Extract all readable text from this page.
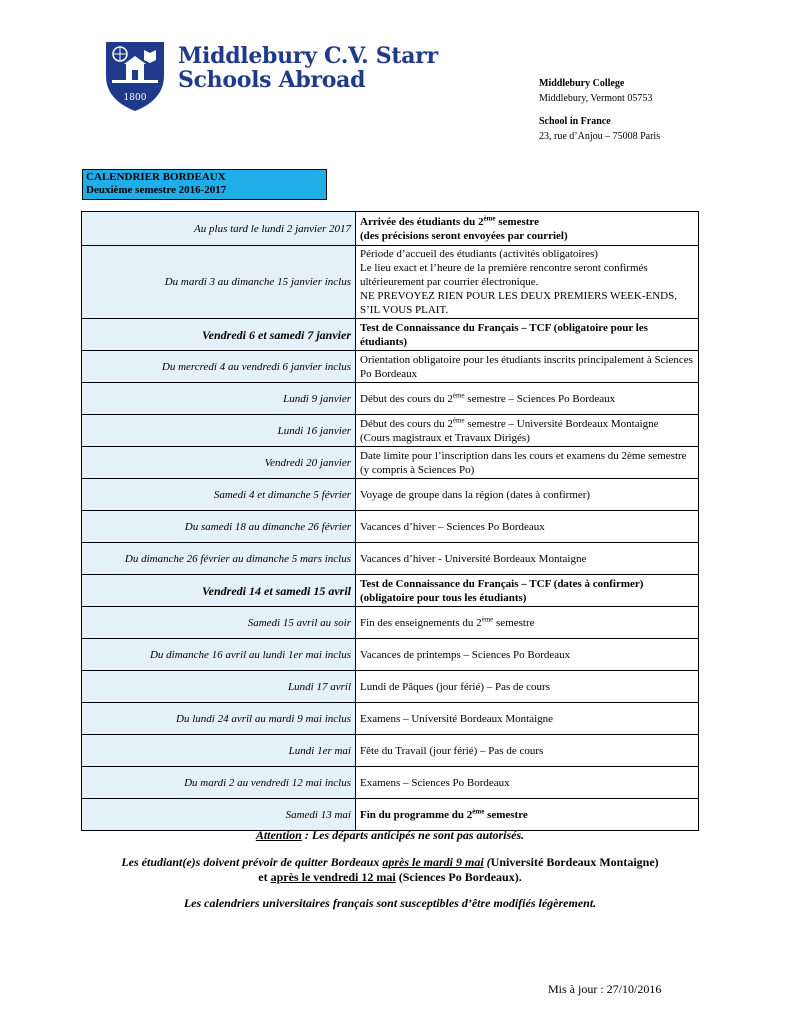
1800
Middlebury C.V. Starr
Schools Abroad	Middlebury College
Middlebury, Vermont 05753
School in France
23, rue d’Anjou – 75008 Paris
CALENDRIER BORDEAUX
Deuxième semestre 2016-2017
Au plus tard le lundi 2 janvier 2017	Arrivée des étudiants du 2ème semestre
(des précisions seront envoyées par courriel)
Du mardi 3 au dimanche 15 janvier inclus	Période d’accueil des étudiants (activités obligatoires)
Le lieu exact et l’heure de la première rencontre seront confirmés ultérieurement par courrier électronique.
NE PREVOYEZ RIEN POUR LES DEUX PREMIERS WEEK-ENDS, S’IL VOUS PLAIT.
Vendredi 6 et samedi 7 janvier	Test de Connaissance du Français – TCF (obligatoire pour les étudiants)
Du mercredi 4 au vendredi 6 janvier inclus	Orientation obligatoire pour les étudiants inscrits principalement à Sciences Po Bordeaux
Lundi 9 janvier	Début des cours du 2ème semestre – Sciences Po Bordeaux
Lundi 16 janvier	Début des cours du 2ème semestre – Université Bordeaux Montaigne
(Cours magistraux et Travaux Dirigés)
Vendredi 20 janvier	Date limite pour l’inscription dans les cours et examens du 2ème semestre (y compris à Sciences Po)
Samedi 4 et dimanche 5 février	Voyage de groupe dans la région (dates à confirmer)
Du samedi 18 au dimanche 26 février	Vacances d’hiver – Sciences Po Bordeaux
Du dimanche 26 février au dimanche 5 mars inclus	Vacances d’hiver - Université Bordeaux Montaigne
Vendredi 14 et samedi 15 avril	Test de Connaissance du Français – TCF (dates à confirmer) (obligatoire pour tous les étudiants)
Samedi 15 avril au soir	Fin des enseignements du 2ème semestre
Du dimanche 16 avril au lundi 1er mai inclus	Vacances de printemps – Sciences Po Bordeaux
Lundi 17 avril	Lundi de Pâques (jour férié) – Pas de cours
Du lundi 24 avril au mardi 9 mai inclus	Examens – Université Bordeaux Montaigne
Lundi 1er mai	Fête du Travail (jour férié) – Pas de cours
Du mardi 2 au vendredi 12 mai inclus	Examens – Sciences Po Bordeaux
Samedi 13 mai	Fin du programme du 2ème semestre
Attention : Les départs anticipés ne sont pas autorisés.
Les étudiant(e)s doivent prévoir de quitter Bordeaux après le mardi 9 mai (Université Bordeaux Montaigne)
et après le vendredi 12 mai (Sciences Po Bordeaux).
Les calendriers universitaires français sont susceptibles d’être modifiés légèrement.
Mis à jour : 27/10/2016
